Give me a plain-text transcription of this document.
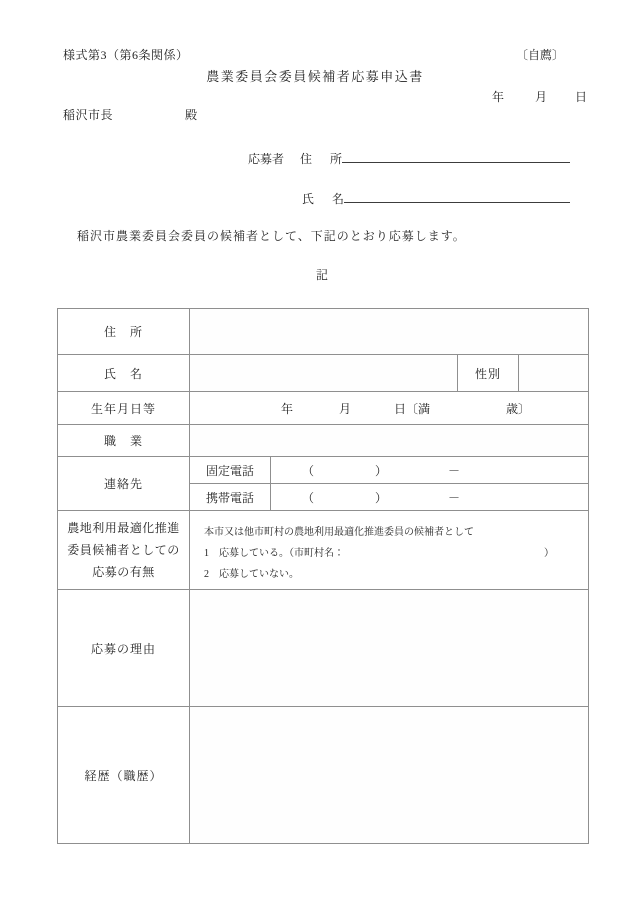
様式第3（第6条関係）	〔自薦〕
農業委員会委員候補者応募申込書
年	月 日
稲沢市長	殿
応募者 住 所
氏 名
稲沢市農業委員会委員の候補者として、下記のとおり応募します。
記
住　所				
氏　名			性別	
生年月日等	年 月 日〔満 歳〕			

職　業				
連絡先	固定電話	（ ） －		

	携帯電話	（ ） －		

農地利用最適化推進
委員候補者としての
応募の有無

本市又は他市町村の農地利用最適化推進委員の候補者として
1　応募している。（市町村名：	）
2　応募していない。

応募の理由				
経歴（職歴）				
